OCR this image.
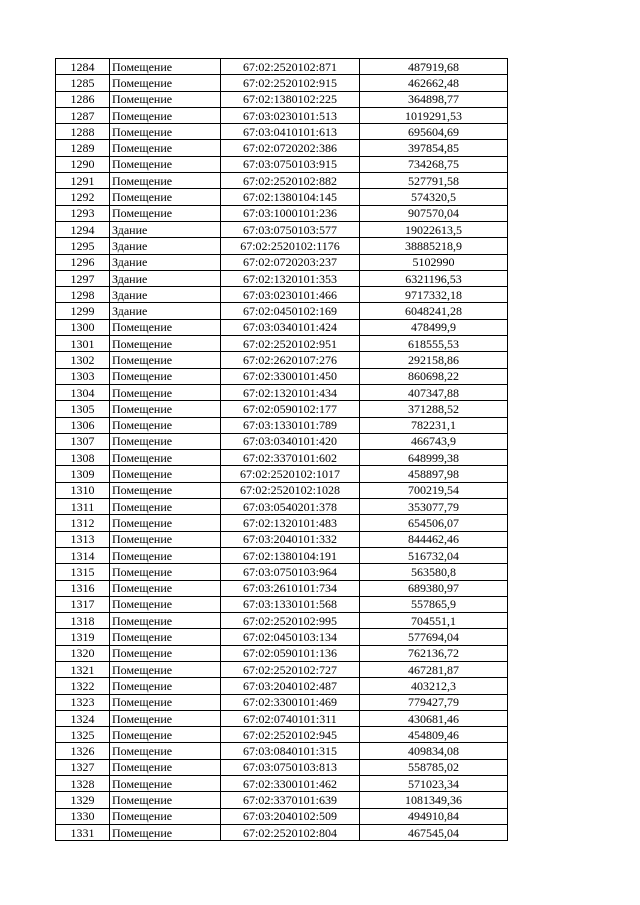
1284	Помещение	67:02:2520102:871	487919,68
1285	Помещение	67:02:2520102:915	462662,48
1286	Помещение	67:02:1380102:225	364898,77
1287	Помещение	67:03:0230101:513	1019291,53
1288	Помещение	67:03:0410101:613	695604,69
1289	Помещение	67:02:0720202:386	397854,85
1290	Помещение	67:03:0750103:915	734268,75
1291	Помещение	67:02:2520102:882	527791,58
1292	Помещение	67:02:1380104:145	574320,5
1293	Помещение	67:03:1000101:236	907570,04
1294	Здание	67:03:0750103:577	19022613,5
1295	Здание	67:02:2520102:1176	38885218,9
1296	Здание	67:02:0720203:237	5102990
1297	Здание	67:02:1320101:353	6321196,53
1298	Здание	67:03:0230101:466	9717332,18
1299	Здание	67:02:0450102:169	6048241,28
1300	Помещение	67:03:0340101:424	478499,9
1301	Помещение	67:02:2520102:951	618555,53
1302	Помещение	67:02:2620107:276	292158,86
1303	Помещение	67:02:3300101:450	860698,22
1304	Помещение	67:02:1320101:434	407347,88
1305	Помещение	67:02:0590102:177	371288,52
1306	Помещение	67:03:1330101:789	782231,1
1307	Помещение	67:03:0340101:420	466743,9
1308	Помещение	67:02:3370101:602	648999,38
1309	Помещение	67:02:2520102:1017	458897,98
1310	Помещение	67:02:2520102:1028	700219,54
1311	Помещение	67:03:0540201:378	353077,79
1312	Помещение	67:02:1320101:483	654506,07
1313	Помещение	67:03:2040101:332	844462,46
1314	Помещение	67:02:1380104:191	516732,04
1315	Помещение	67:03:0750103:964	563580,8
1316	Помещение	67:03:2610101:734	689380,97
1317	Помещение	67:03:1330101:568	557865,9
1318	Помещение	67:02:2520102:995	704551,1
1319	Помещение	67:02:0450103:134	577694,04
1320	Помещение	67:02:0590101:136	762136,72
1321	Помещение	67:02:2520102:727	467281,87
1322	Помещение	67:03:2040102:487	403212,3
1323	Помещение	67:02:3300101:469	779427,79
1324	Помещение	67:02:0740101:311	430681,46
1325	Помещение	67:02:2520102:945	454809,46
1326	Помещение	67:03:0840101:315	409834,08
1327	Помещение	67:03:0750103:813	558785,02
1328	Помещение	67:02:3300101:462	571023,34
1329	Помещение	67:02:3370101:639	1081349,36
1330	Помещение	67:03:2040102:509	494910,84
1331	Помещение	67:02:2520102:804	467545,04
